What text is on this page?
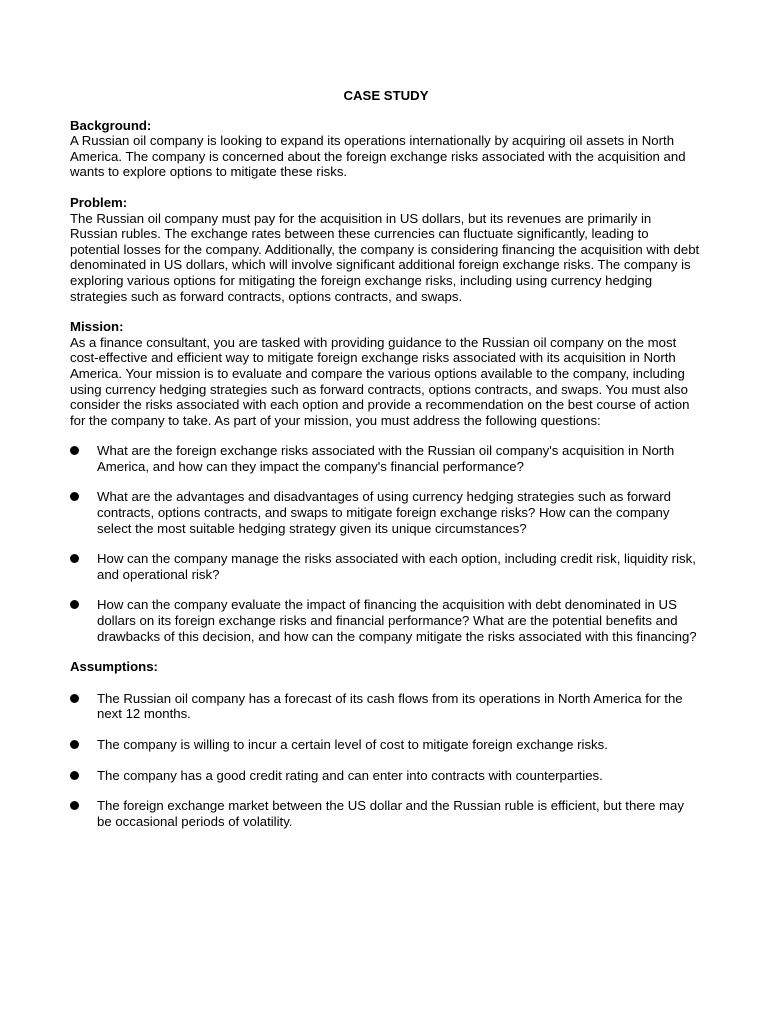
CASE STUDY

Background:

A Russian oil company is looking to expand its operations internationally by acquiring oil assets in North America. The company is concerned about the foreign exchange risks associated with the acquisition and wants to explore options to mitigate these risks.

Problem:

The Russian oil company must pay for the acquisition in US dollars, but its revenues are primarily in Russian rubles. The exchange rates between these currencies can fluctuate significantly, leading to potential losses for the company. Additionally, the company is considering financing the acquisition with debt denominated in US dollars, which will involve significant additional foreign exchange risks. The company is exploring various options for mitigating the foreign exchange risks, including using currency hedging strategies such as forward contracts, options contracts, and swaps.

Mission:

As a finance consultant, you are tasked with providing guidance to the Russian oil company on the most cost-effective and efficient way to mitigate foreign exchange risks associated with its acquisition in North America. Your mission is to evaluate and compare the various options available to the company, including using currency hedging strategies such as forward contracts, options contracts, and swaps. You must also consider the risks associated with each option and provide a recommendation on the best course of action for the company to take. As part of your mission, you must address the following questions:

What are the foreign exchange risks associated with the Russian oil company's acquisition in North America, and how can they impact the company's financial performance?
What are the advantages and disadvantages of using currency hedging strategies such as forward contracts, options contracts, and swaps to mitigate foreign exchange risks? How can the company select the most suitable hedging strategy given its unique circumstances?
How can the company manage the risks associated with each option, including credit risk, liquidity risk, and operational risk?
How can the company evaluate the impact of financing the acquisition with debt denominated in US dollars on its foreign exchange risks and financial performance? What are the potential benefits and drawbacks of this decision, and how can the company mitigate the risks associated with this financing?

Assumptions:

The Russian oil company has a forecast of its cash flows from its operations in North America for the next 12 months.
The company is willing to incur a certain level of cost to mitigate foreign exchange risks.
The company has a good credit rating and can enter into contracts with counterparties.
The foreign exchange market between the US dollar and the Russian ruble is efficient, but there may be occasional periods of volatility.
